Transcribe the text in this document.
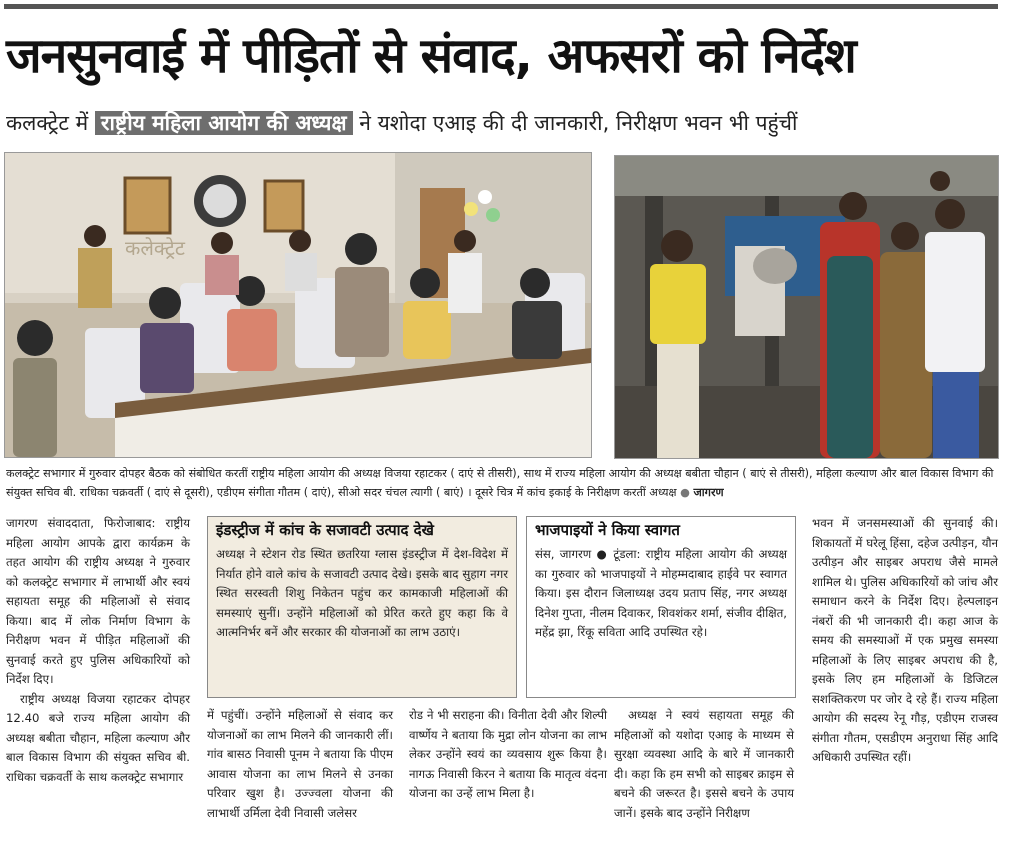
जनसुनवाई में पीड़ितों से संवाद, अफसरों को निर्देश
कलक्ट्रेट में राष्ट्रीय महिला आयोग की अध्यक्ष ने यशोदा एआइ की दी जानकारी, निरीक्षण भवन भी पहुंचीं
कलेक्ट्रेट
कलक्ट्रेट सभागार में गुरुवार दोपहर बैठक को संबोधित करतीं राष्ट्रीय महिला आयोग की अध्यक्ष विजया रहाटकर ( दाएं से तीसरी), साथ में राज्य महिला आयोग की अध्यक्ष बबीता चौहान ( बाएं से तीसरी), महिला कल्याण और बाल विकास विभाग की संयुक्त सचिव बी. राधिका चक्रवर्ती ( दाएं से दूसरी), एडीएम संगीता गौतम ( दाएं), सीओ सदर चंचल त्यागी ( बाएं) । दूसरे चित्र में कांच इकाई के निरीक्षण करतीं अध्यक्ष ● जागरण

जागरण संवाददाता, फिरोजाबाद: राष्ट्रीय महिला आयोग आपके द्वारा कार्यक्रम के तहत आयोग की राष्ट्रीय अध्यक्ष ने गुरुवार को कलक्ट्रेट सभागार में लाभार्थी और स्वयं सहायता समूह की महिलाओं से संवाद किया। बाद में लोक निर्माण विभाग के निरीक्षण भवन में पीड़ित महिलाओं की सुनवाई करते हुए पुलिस अधिकारियों को निर्देश दिए।

राष्ट्रीय अध्यक्ष विजया रहाटकर दोपहर 12.40 बजे राज्य महिला आयोग की अध्यक्ष बबीता चौहान, महिला कल्याण और बाल विकास विभाग की संयुक्त सचिव बी. राधिका चक्रवर्ती के साथ कलक्ट्रेट सभागार

इंडस्ट्रीज में कांच के सजावटी उत्पाद देखे
अध्यक्ष ने स्टेशन रोड स्थित छतरिया ग्लास इंडस्ट्रीज में देश-विदेश में निर्यात होने वाले कांच के सजावटी उत्पाद देखे। इसके बाद सुहाग नगर स्थित सरस्वती शिशु निकेतन पहुंच कर कामकाजी महिलाओं की समस्याएं सुनीं। उन्होंने महिलाओं को प्रेरित करते हुए कहा कि वे आत्मनिर्भर बनें और सरकार की योजनाओं का लाभ उठाएं।
भाजपाइयों ने किया स्वागत
संस, जागरण ● टूंडला: राष्ट्रीय महिला आयोग की अध्यक्ष का गुरुवार को भाजपाइयों ने मोहम्मदाबाद हाईवे पर स्वागत किया। इस दौरान जिलाध्यक्ष उदय प्रताप सिंह, नगर अध्यक्ष दिनेश गुप्ता, नीलम दिवाकर, शिवशंकर शर्मा, संजीव दीक्षित, महेंद्र झा, रिंकू सविता आदि उपस्थित रहे।

में पहुंचीं। उन्होंने महिलाओं से संवाद कर योजनाओं का लाभ मिलने की जानकारी लीं। गांव बासठ निवासी पूनम ने बताया कि पीएम आवास योजना का लाभ मिलने से उनका परिवार खुश है। उज्ज्वला योजना की लाभार्थी उर्मिला देवी निवासी जलेसर

रोड ने भी सराहना की। विनीता देवी और शिल्पी वार्ष्णेय ने बताया कि मुद्रा लोन योजना का लाभ लेकर उन्होंने स्वयं का व्यवसाय शुरू किया है। नागऊ निवासी किरन ने बताया कि मातृत्व वंदना योजना का उन्हें लाभ मिला है।

अध्यक्ष ने स्वयं सहायता समूह की महिलाओं को यशोदा एआइ के माध्यम से सुरक्षा व्यवस्था आदि के बारे में जानकारी दी। कहा कि हम सभी को साइबर क्राइम से बचने की जरूरत है। इससे बचने के उपाय जानें। इसके बाद उन्होंने निरीक्षण

भवन में जनसमस्याओं की सुनवाई की। शिकायतों में घरेलू हिंसा, दहेज उत्पीड़न, यौन उत्पीड़न और साइबर अपराध जैसे मामले शामिल थे। पुलिस अधिकारियों को जांच और समाधान करने के निर्देश दिए। हेल्पलाइन नंबरों की भी जानकारी दी। कहा आज के समय की समस्याओं में एक प्रमुख समस्या महिलाओं के लिए साइबर अपराध की है, इसके लिए हम महिलाओं के डिजिटल सशक्तिकरण पर जोर दे रहे हैं। राज्य महिला आयोग की सदस्य रेनू गौड़, एडीएम राजस्व संगीता गौतम, एसडीएम अनुराधा सिंह आदि अधिकारी उपस्थित रहीं।
